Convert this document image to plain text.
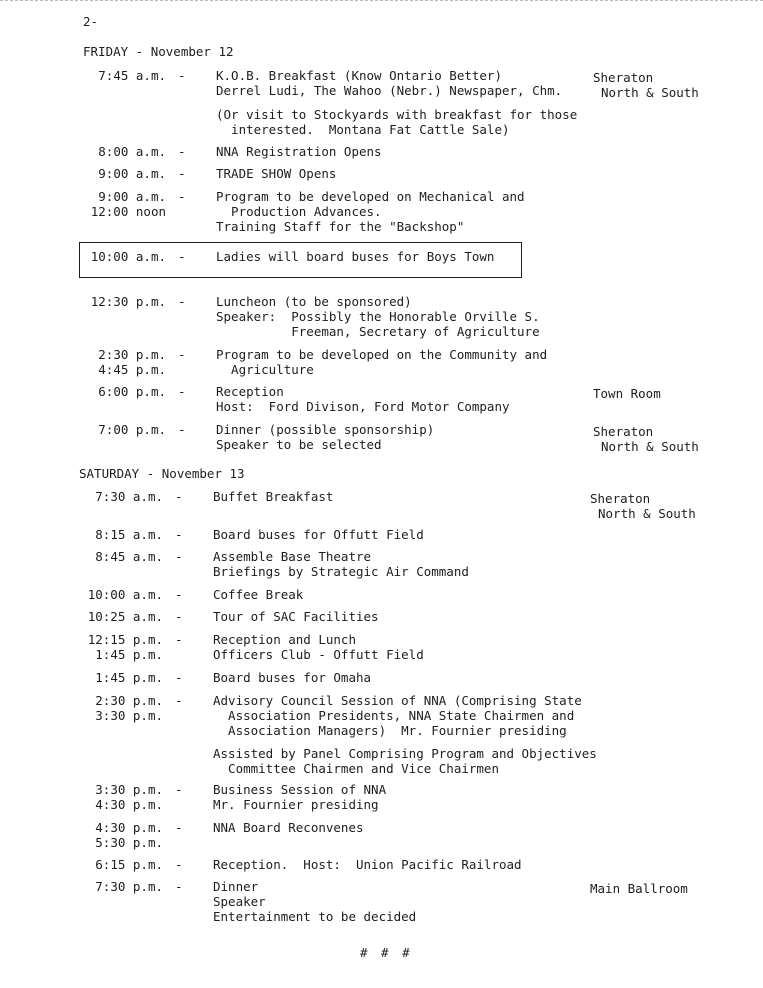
2-
FRIDAY - November 12
SATURDAY - November 13
7:45 a.m. - K.O.B. Breakfast (Know Ontario Better)
Derrel Ludi, The Wahoo (Nebr.) Newspaper, Chm.
Sheraton
North & South
(Or visit to Stockyards with breakfast for those
interested.  Montana Fat Cattle Sale)
8:00 a.m. - NNA Registration Opens
9:00 a.m. - TRADE SHOW Opens
9:00 a.m.
12:00 noon
- Program to be developed on Mechanical and
Production Advances.
Training Staff for the "Backshop"
10:00 a.m. - Ladies will board buses for Boys Town
12:30 p.m. - Luncheon (to be sponsored)
Speaker:  Possibly the Honorable Orville S.
Freeman, Secretary of Agriculture
2:30 p.m.
4:45 p.m.
- Program to be developed on the Community and
Agriculture
6:00 p.m. - Reception
Host:  Ford Divison, Ford Motor Company
Town Room
7:00 p.m. - Dinner (possible sponsorship)
Speaker to be selected
Sheraton
North & South
7:30 a.m. - Buffet Breakfast	Sheraton
North & South
8:15 a.m. - Board buses for Offutt Field
8:45 a.m. - Assemble Base Theatre
Briefings by Strategic Air Command
10:00 a.m. - Coffee Break
10:25 a.m. - Tour of SAC Facilities
12:15 p.m.
1:45 p.m.
- Reception and Lunch
Officers Club - Offutt Field
1:45 p.m. - Board buses for Omaha
2:30 p.m.
3:30 p.m.
- Advisory Council Session of NNA (Comprising State
Association Presidents, NNA State Chairmen and
Association Managers)  Mr. Fournier presiding
Assisted by Panel Comprising Program and Objectives
Committee Chairmen and Vice Chairmen
3:30 p.m.
4:30 p.m.
- Business Session of NNA
Mr. Fournier presiding
4:30 p.m.
5:30 p.m.
- NNA Board Reconvenes
6:15 p.m. - Reception.  Host:  Union Pacific Railroad
7:30 p.m. - Dinner
Speaker
Entertainment to be decided
Main Ballroom
# # #
